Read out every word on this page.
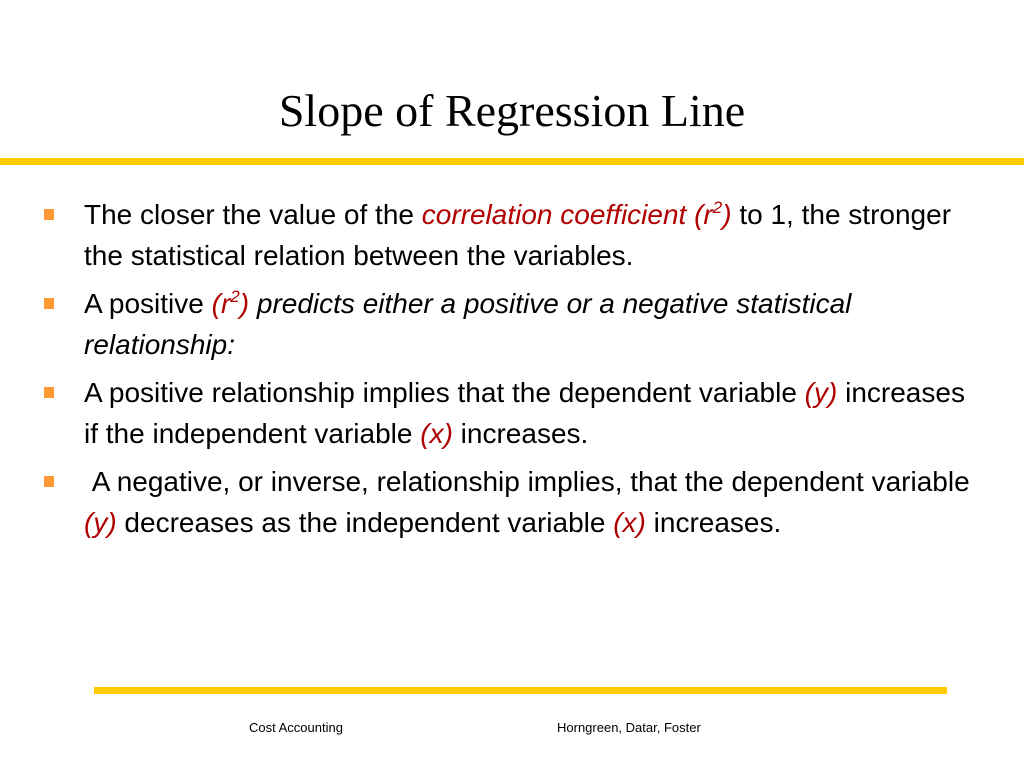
Slope of Regression Line
The closer the value of the correlation coefficient $(r^2)$ to 1, the stronger the statistical relation between the variables.
A positive $(r^2)$ predicts either a positive or a negative statistical relationship:
A positive relationship implies that the dependent variable (y) increases if the independent variable (x) increases.
A negative, or inverse, relationship implies, that the dependent variable (y) decreases as the independent variable (x) increases.
Cost Accounting	Horngreen, Datar, Foster
